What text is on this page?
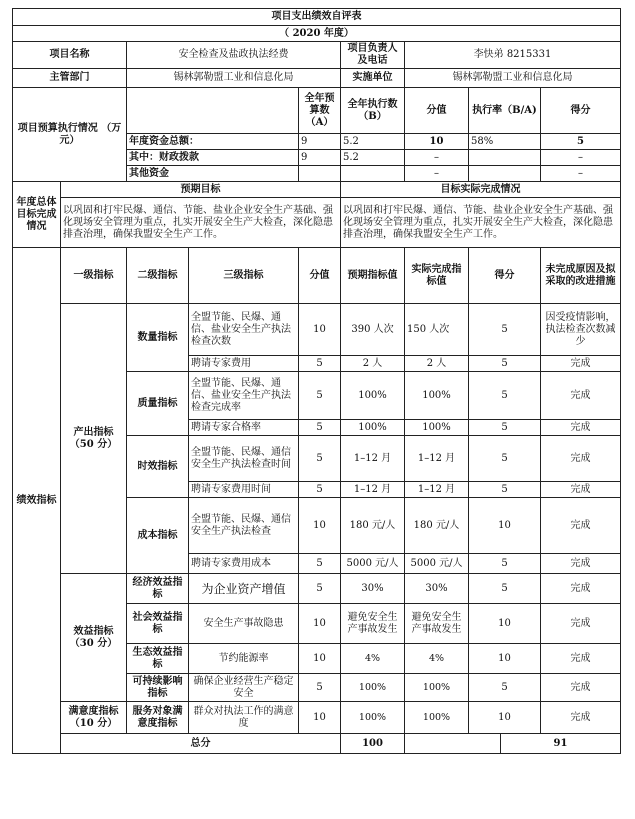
项目支出绩效自评表										
（ 2020 年度）										
项目名称		安全检查及盐政执法经费			项目负责人及电话	李快弟 8215331				
主管部门		锡林郭勒盟工业和信息化局			实施单位	锡林郭勒盟工业和信息化局				
项目预算执行情况 （万元）				全年预算数（A）	全年执行数（B）	分值	执行率（B/A)		得分	
		年度资金总额：		9	5.2	10	58%		5	
		其中：财政拨款		9	5.2	–			–	
		其他资金				–			–	
年度总体目标完成情况	预期目标				目标实际完成情况					
	以巩固和打牢民爆、通信、节能、盐业企业安全生产基础、强化现场安全管理为重点，扎实开展安全生产大检查，深化隐患排查治理，确保我盟安全生产工作。				以巩固和打牢民爆、通信、节能、盐业企业安全生产基础、强化现场安全管理为重点，扎实开展安全生产大检查，深化隐患排查治理，确保我盟安全生产工作。					
绩效指标	一级指标	二级指标	三级指标	分值	预期指标值	实际完成指标值	得分		未完成原因及拟采取的改进措施	
	产出指标（50 分）	数量指标	全盟节能、民爆、通信、盐业安全生产执法检查次数	10	390 人次	150 人次	5		因受疫情影响，执法检查次数减少	
			聘请专家费用	5	2 人	2 人	5		完成	
		质量指标	全盟节能、民爆、通信、盐业安全生产执法检查完成率	5	100%	100%	5		完成	
			聘请专家合格率	5	100%	100%	5		完成	
		时效指标	全盟节能、民爆、通信安全生产执法检查时间	5	1–12 月	1–12 月	5		完成	
			聘请专家费用时间	5	1–12 月	1–12 月	5		完成	
		成本指标	全盟节能、民爆、通信安全生产执法检查	10	180 元/人	180 元/人	10		完成	
			聘请专家费用成本	5	5000 元/人	5000 元/人	5		完成	
	效益指标（30 分）	经济效益指标	为企业资产增值	5	30%	30%	5		完成	
		社会效益指标	安全生产事故隐患	10	避免安全生产事故发生	避免安全生产事故发生	10		完成	
		生态效益指标	节约能源率	10	4%	4%	10		完成	
		可持续影响指标	确保企业经营生产稳定安全	5	100%	100%	5		完成	
	满意度指标（10 分）	服务对象满意度指标	群众对执法工作的满意度	10	100%	100%	10		完成	
	总分				100			91		
